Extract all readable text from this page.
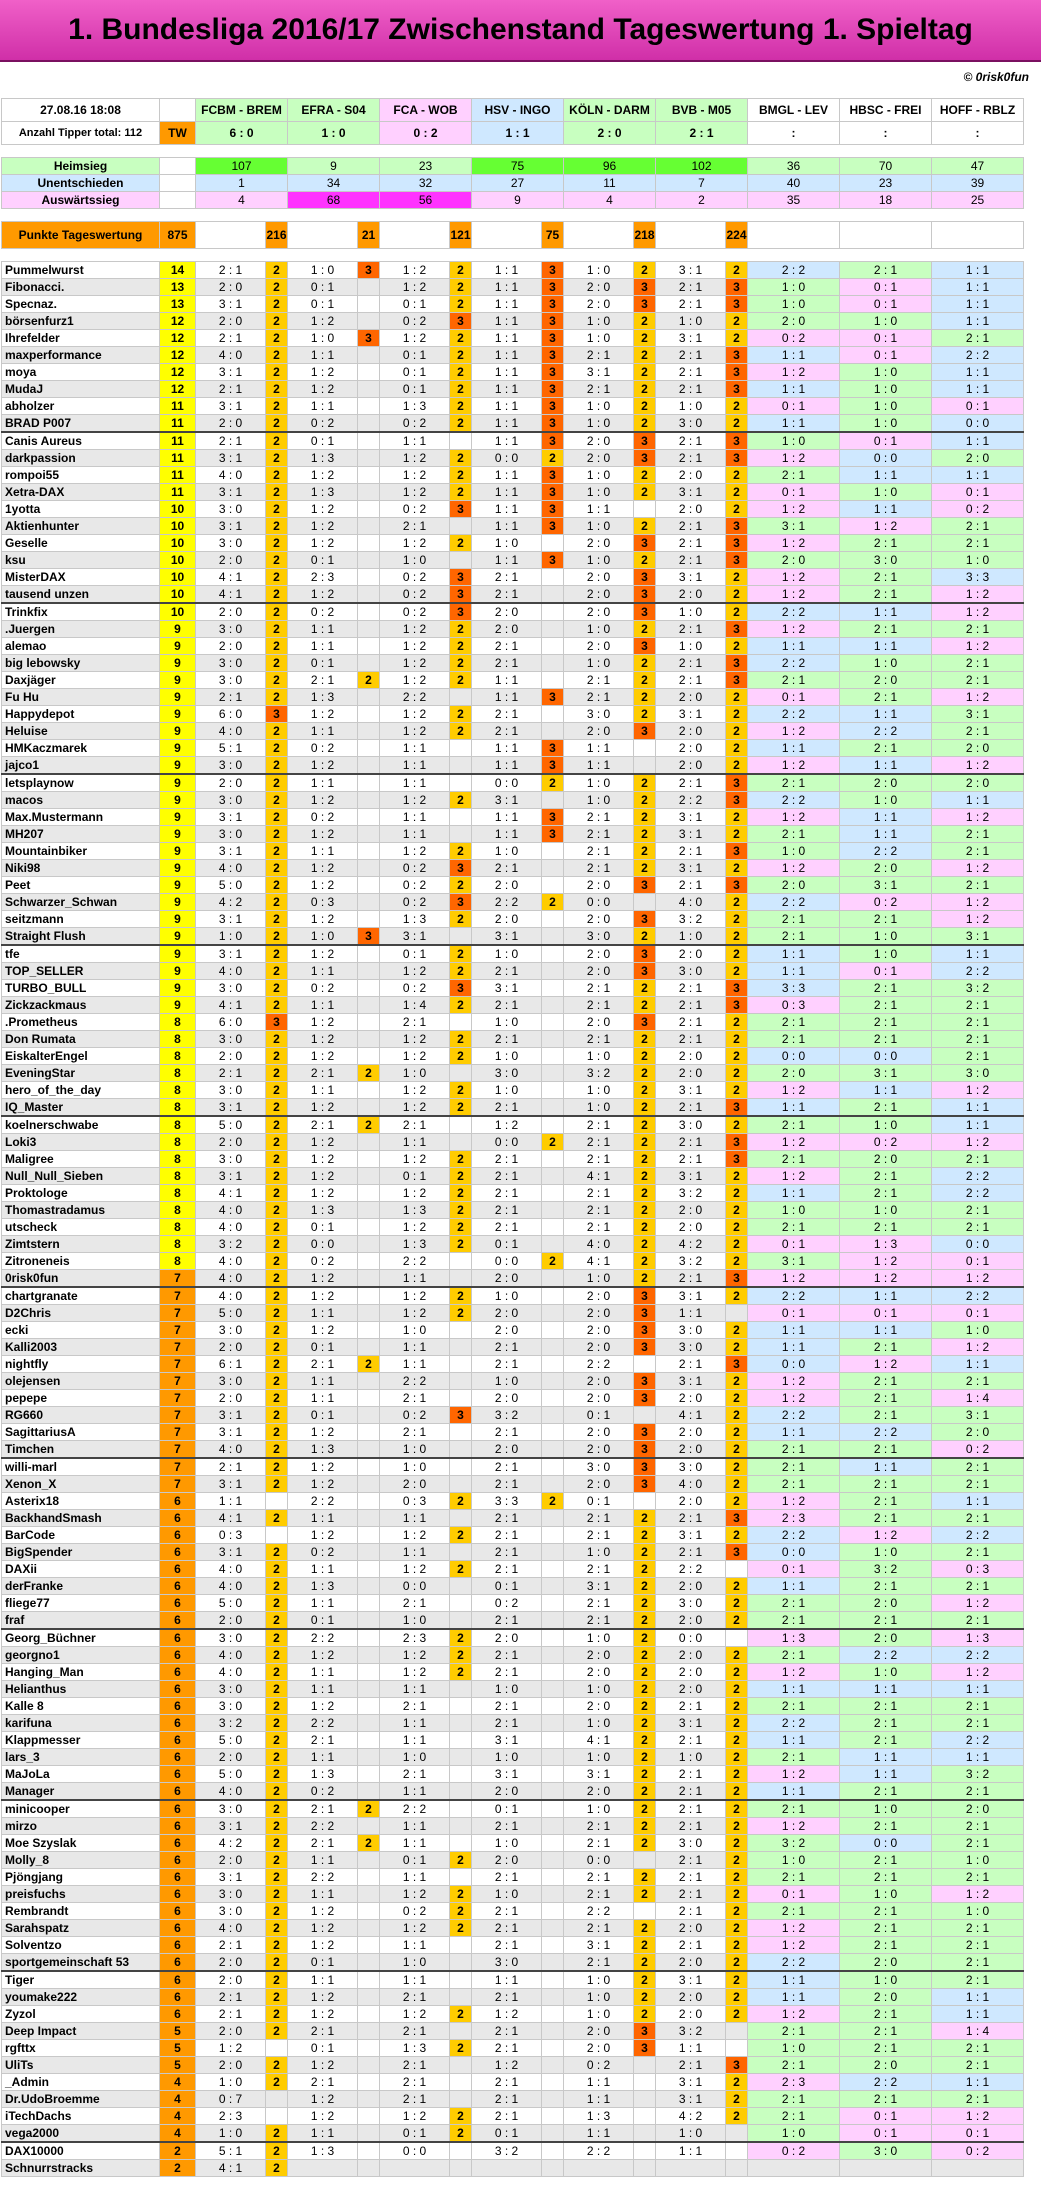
1. Bundesliga 2016/17 Zwischenstand Tageswertung 1. Spieltag
© 0risk0fun
27.08.16 18:08		FCBM - BREM		EFRA - S04		FCA - WOB		HSV - INGO		KÖLN - DARM		BVB - M05		BMGL - LEV	HBSC - FREI	HOFF - RBLZ
Anzahl Tipper total: 112	TW	6 : 0		1 : 0		0 : 2		1 : 1		2 : 0		2 : 1		:	:	:

Heimsieg		107		9		23		75		96		102		36	70	47
Unentschieden		1		34		32		27		11		7		40	23	39
Auswärtssieg		4		68		56		9		4		2		35	18	25

Punkte Tageswertung	875		216		21		121		75		218		224			

Pummelwurst	14	2 : 1	2	1 : 0	3	1 : 2	2	1 : 1	3	1 : 0	2	3 : 1	2	2 : 2	2 : 1	1 : 1
Fibonacci.	13	2 : 0	2	0 : 1		1 : 2	2	1 : 1	3	2 : 0	3	2 : 1	3	1 : 0	0 : 1	1 : 1
Specnaz.	13	3 : 1	2	0 : 1		0 : 1	2	1 : 1	3	2 : 0	3	2 : 1	3	1 : 0	0 : 1	1 : 1
börsenfurz1	12	2 : 0	2	1 : 2		0 : 2	3	1 : 1	3	1 : 0	2	1 : 0	2	2 : 0	1 : 0	1 : 1
Ihrefelder	12	2 : 1	2	1 : 0	3	1 : 2	2	1 : 1	3	1 : 0	2	3 : 1	2	0 : 2	0 : 1	2 : 1
maxperformance	12	4 : 0	2	1 : 1		0 : 1	2	1 : 1	3	2 : 1	2	2 : 1	3	1 : 1	0 : 1	2 : 2
moya	12	3 : 1	2	1 : 2		0 : 1	2	1 : 1	3	3 : 1	2	2 : 1	3	1 : 2	1 : 0	1 : 1
MudaJ	12	2 : 1	2	1 : 2		0 : 1	2	1 : 1	3	2 : 1	2	2 : 1	3	1 : 1	1 : 0	1 : 1
abholzer	11	3 : 1	2	1 : 1		1 : 3	2	1 : 1	3	1 : 0	2	1 : 0	2	0 : 1	1 : 0	0 : 1
BRAD P007	11	2 : 0	2	0 : 2		0 : 2	2	1 : 1	3	1 : 0	2	3 : 0	2	1 : 1	1 : 0	0 : 0
Canis Aureus	11	2 : 1	2	0 : 1		1 : 1		1 : 1	3	2 : 0	3	2 : 1	3	1 : 0	0 : 1	1 : 1
darkpassion	11	3 : 1	2	1 : 3		1 : 2	2	0 : 0	2	2 : 0	3	2 : 1	3	1 : 2	0 : 0	2 : 0
rompoi55	11	4 : 0	2	1 : 2		1 : 2	2	1 : 1	3	1 : 0	2	2 : 0	2	2 : 1	1 : 1	1 : 1
Xetra-DAX	11	3 : 1	2	1 : 3		1 : 2	2	1 : 1	3	1 : 0	2	3 : 1	2	0 : 1	1 : 0	0 : 1
1yotta	10	3 : 0	2	1 : 2		0 : 2	3	1 : 1	3	1 : 1		2 : 0	2	1 : 2	1 : 1	0 : 2
Aktienhunter	10	3 : 1	2	1 : 2		2 : 1		1 : 1	3	1 : 0	2	2 : 1	3	3 : 1	1 : 2	2 : 1
Geselle	10	3 : 0	2	1 : 2		1 : 2	2	1 : 0		2 : 0	3	2 : 1	3	1 : 2	2 : 1	2 : 1
ksu	10	2 : 0	2	0 : 1		1 : 0		1 : 1	3	1 : 0	2	2 : 1	3	2 : 0	3 : 0	1 : 0
MisterDAX	10	4 : 1	2	2 : 3		0 : 2	3	2 : 1		2 : 0	3	3 : 1	2	1 : 2	2 : 1	3 : 3
tausend unzen	10	4 : 1	2	1 : 2		0 : 2	3	2 : 1		2 : 0	3	2 : 0	2	1 : 2	2 : 1	1 : 2
Trinkfix	10	2 : 0	2	0 : 2		0 : 2	3	2 : 0		2 : 0	3	1 : 0	2	2 : 2	1 : 1	1 : 2
.Juergen	9	3 : 0	2	1 : 1		1 : 2	2	2 : 0		1 : 0	2	2 : 1	3	1 : 2	2 : 1	2 : 1
alemao	9	2 : 0	2	1 : 1		1 : 2	2	2 : 1		2 : 0	3	1 : 0	2	1 : 1	1 : 1	1 : 2
big lebowsky	9	3 : 0	2	0 : 1		1 : 2	2	2 : 1		1 : 0	2	2 : 1	3	2 : 2	1 : 0	2 : 1
Daxjäger	9	3 : 0	2	2 : 1	2	1 : 2	2	1 : 1		2 : 1	2	2 : 1	3	2 : 1	2 : 0	2 : 1
Fu Hu	9	2 : 1	2	1 : 3		2 : 2		1 : 1	3	2 : 1	2	2 : 0	2	0 : 1	2 : 1	1 : 2
Happydepot	9	6 : 0	3	1 : 2		1 : 2	2	2 : 1		3 : 0	2	3 : 1	2	2 : 2	1 : 1	3 : 1
Heluise	9	4 : 0	2	1 : 1		1 : 2	2	2 : 1		2 : 0	3	2 : 0	2	1 : 2	2 : 2	2 : 1
HMKaczmarek	9	5 : 1	2	0 : 2		1 : 1		1 : 1	3	1 : 1		2 : 0	2	1 : 1	2 : 1	2 : 0
jajco1	9	3 : 0	2	1 : 2		1 : 1		1 : 1	3	1 : 1		2 : 0	2	1 : 2	1 : 1	1 : 2
letsplaynow	9	2 : 0	2	1 : 1		1 : 1		0 : 0	2	1 : 0	2	2 : 1	3	2 : 1	2 : 0	2 : 0
macos	9	3 : 0	2	1 : 2		1 : 2	2	3 : 1		1 : 0	2	2 : 2	3	2 : 2	1 : 0	1 : 1
Max.Mustermann	9	3 : 1	2	0 : 2		1 : 1		1 : 1	3	2 : 1	2	3 : 1	2	1 : 2	1 : 1	1 : 2
MH207	9	3 : 0	2	1 : 2		1 : 1		1 : 1	3	2 : 1	2	3 : 1	2	2 : 1	1 : 1	2 : 1
Mountainbiker	9	3 : 1	2	1 : 1		1 : 2	2	1 : 0		2 : 1	2	2 : 1	3	1 : 0	2 : 2	2 : 1
Niki98	9	4 : 0	2	1 : 2		0 : 2	3	2 : 1		2 : 1	2	3 : 1	2	1 : 2	2 : 0	1 : 2
Peet	9	5 : 0	2	1 : 2		0 : 2	2	2 : 0		2 : 0	3	2 : 1	3	2 : 0	3 : 1	2 : 1
Schwarzer_Schwan	9	4 : 2	2	0 : 3		0 : 2	3	2 : 2	2	0 : 0		4 : 0	2	2 : 2	0 : 2	1 : 2
seitzmann	9	3 : 1	2	1 : 2		1 : 3	2	2 : 0		2 : 0	3	3 : 2	2	2 : 1	2 : 1	1 : 2
Straight Flush	9	1 : 0	2	1 : 0	3	3 : 1		3 : 1		3 : 0	2	1 : 0	2	2 : 1	1 : 0	3 : 1
tfe	9	3 : 1	2	1 : 2		0 : 1	2	1 : 0		2 : 0	3	2 : 0	2	1 : 1	1 : 0	1 : 1
TOP_SELLER	9	4 : 0	2	1 : 1		1 : 2	2	2 : 1		2 : 0	3	3 : 0	2	1 : 1	0 : 1	2 : 2
TURBO_BULL	9	3 : 0	2	0 : 2		0 : 2	3	3 : 1		2 : 1	2	2 : 1	3	3 : 3	2 : 1	3 : 2
Zickzackmaus	9	4 : 1	2	1 : 1		1 : 4	2	2 : 1		2 : 1	2	2 : 1	3	0 : 3	2 : 1	2 : 1
.Prometheus	8	6 : 0	3	1 : 2		2 : 1		1 : 0		2 : 0	3	2 : 1	2	2 : 1	2 : 1	2 : 1
Don Rumata	8	3 : 0	2	1 : 2		1 : 2	2	2 : 1		2 : 1	2	2 : 1	2	2 : 1	2 : 1	2 : 1
EiskalterEngel	8	2 : 0	2	1 : 2		1 : 2	2	1 : 0		1 : 0	2	2 : 0	2	0 : 0	0 : 0	2 : 1
EveningStar	8	2 : 1	2	2 : 1	2	1 : 0		3 : 0		3 : 2	2	2 : 0	2	2 : 0	3 : 1	3 : 0
hero_of_the_day	8	3 : 0	2	1 : 1		1 : 2	2	1 : 0		1 : 0	2	3 : 1	2	1 : 2	1 : 1	1 : 2
IQ_Master	8	3 : 1	2	1 : 2		1 : 2	2	2 : 1		1 : 0	2	2 : 1	3	1 : 1	2 : 1	1 : 1
koelnerschwabe	8	5 : 0	2	2 : 1	2	2 : 1		1 : 2		2 : 1	2	3 : 0	2	2 : 1	1 : 0	1 : 1
Loki3	8	2 : 0	2	1 : 2		1 : 1		0 : 0	2	2 : 1	2	2 : 1	3	1 : 2	0 : 2	1 : 2
Maligree	8	3 : 0	2	1 : 2		1 : 2	2	2 : 1		2 : 1	2	2 : 1	3	2 : 1	2 : 0	2 : 1
Null_Null_Sieben	8	3 : 1	2	1 : 2		0 : 1	2	2 : 1		4 : 1	2	3 : 1	2	1 : 2	2 : 1	2 : 2
Proktologe	8	4 : 1	2	1 : 2		1 : 2	2	2 : 1		2 : 1	2	3 : 2	2	1 : 1	2 : 1	2 : 2
Thomastradamus	8	4 : 0	2	1 : 3		1 : 3	2	2 : 1		2 : 1	2	2 : 0	2	1 : 0	1 : 0	2 : 1
utscheck	8	4 : 0	2	0 : 1		1 : 2	2	2 : 1		2 : 1	2	2 : 0	2	2 : 1	2 : 1	2 : 1
Zimtstern	8	3 : 2	2	0 : 0		1 : 3	2	0 : 1		4 : 0	2	4 : 2	2	0 : 1	1 : 3	0 : 0
Zitroneneis	8	4 : 0	2	0 : 2		2 : 2		0 : 0	2	4 : 1	2	3 : 2	2	3 : 1	1 : 2	0 : 1
0risk0fun	7	4 : 0	2	1 : 2		1 : 1		2 : 0		1 : 0	2	2 : 1	3	1 : 2	1 : 2	1 : 2
chartgranate	7	4 : 0	2	1 : 2		1 : 2	2	1 : 0		2 : 0	3	3 : 1	2	2 : 2	1 : 1	2 : 2
D2Chris	7	5 : 0	2	1 : 1		1 : 2	2	2 : 0		2 : 0	3	1 : 1		0 : 1	0 : 1	0 : 1
ecki	7	3 : 0	2	1 : 2		1 : 0		2 : 0		2 : 0	3	3 : 0	2	1 : 1	1 : 1	1 : 0
Kalli2003	7	2 : 0	2	0 : 1		1 : 1		2 : 1		2 : 0	3	3 : 0	2	1 : 1	2 : 1	1 : 2
nightfly	7	6 : 1	2	2 : 1	2	1 : 1		2 : 1		2 : 2		2 : 1	3	0 : 0	1 : 2	1 : 1
olejensen	7	3 : 0	2	1 : 1		2 : 2		1 : 0		2 : 0	3	3 : 1	2	1 : 2	2 : 1	2 : 1
pepepe	7	2 : 0	2	1 : 1		2 : 1		2 : 0		2 : 0	3	2 : 0	2	1 : 2	2 : 1	1 : 4
RG660	7	3 : 1	2	0 : 1		0 : 2	3	3 : 2		0 : 1		4 : 1	2	2 : 2	2 : 1	3 : 1
SagittariusA	7	3 : 1	2	1 : 2		2 : 1		2 : 1		2 : 0	3	2 : 0	2	1 : 1	2 : 2	2 : 0
Timchen	7	4 : 0	2	1 : 3		1 : 0		2 : 0		2 : 0	3	2 : 0	2	2 : 1	2 : 1	0 : 2
willi-marl	7	2 : 1	2	1 : 2		1 : 0		2 : 1		3 : 0	3	3 : 0	2	2 : 1	1 : 1	2 : 1
Xenon_X	7	3 : 1	2	1 : 2		2 : 0		2 : 1		2 : 0	3	4 : 0	2	2 : 1	2 : 1	2 : 1
Asterix18	6	1 : 1		2 : 2		0 : 3	2	3 : 3	2	0 : 1		2 : 0	2	1 : 2	2 : 1	1 : 1
BackhandSmash	6	4 : 1	2	1 : 1		1 : 1		2 : 1		2 : 1	2	2 : 1	3	2 : 3	2 : 1	2 : 1
BarCode	6	0 : 3		1 : 2		1 : 2	2	2 : 1		2 : 1	2	3 : 1	2	2 : 2	1 : 2	2 : 2
BigSpender	6	3 : 1	2	0 : 2		1 : 1		2 : 1		1 : 0	2	2 : 1	3	0 : 0	1 : 0	2 : 1
DAXii	6	4 : 0	2	1 : 1		1 : 2	2	2 : 1		2 : 1	2	2 : 2		0 : 1	3 : 2	0 : 3
derFranke	6	4 : 0	2	1 : 3		0 : 0		0 : 1		3 : 1	2	2 : 0	2	1 : 1	2 : 1	2 : 1
fliege77	6	5 : 0	2	1 : 1		2 : 1		0 : 2		2 : 1	2	3 : 0	2	2 : 1	2 : 0	1 : 2
fraf	6	2 : 0	2	0 : 1		1 : 0		2 : 1		2 : 1	2	2 : 0	2	2 : 1	2 : 1	2 : 1
Georg_Büchner	6	3 : 0	2	2 : 2		2 : 3	2	2 : 0		1 : 0	2	0 : 0		1 : 3	2 : 0	1 : 3
georgno1	6	4 : 0	2	1 : 2		1 : 2	2	2 : 1		2 : 0	2	2 : 0	2	2 : 1	2 : 2	2 : 2
Hanging_Man	6	4 : 0	2	1 : 1		1 : 2	2	2 : 1		2 : 0	2	2 : 0	2	1 : 2	1 : 0	1 : 2
Helianthus	6	3 : 0	2	1 : 1		1 : 1		1 : 0		1 : 0	2	2 : 0	2	1 : 1	1 : 1	1 : 1
Kalle 8	6	3 : 0	2	1 : 2		2 : 1		2 : 1		2 : 0	2	2 : 1	2	2 : 1	2 : 1	2 : 1
karifuna	6	3 : 2	2	2 : 2		1 : 1		2 : 1		1 : 0	2	3 : 1	2	2 : 2	2 : 1	2 : 1
Klappmesser	6	5 : 0	2	2 : 1		1 : 1		3 : 1		4 : 1	2	2 : 1	2	1 : 1	2 : 1	2 : 2
lars_3	6	2 : 0	2	1 : 1		1 : 0		1 : 0		1 : 0	2	1 : 0	2	2 : 1	1 : 1	1 : 1
MaJoLa	6	5 : 0	2	1 : 3		2 : 1		3 : 1		3 : 1	2	2 : 1	2	1 : 2	1 : 1	3 : 2
Manager	6	4 : 0	2	0 : 2		1 : 1		2 : 0		2 : 0	2	2 : 1	2	1 : 1	2 : 1	2 : 1
minicooper	6	3 : 0	2	2 : 1	2	2 : 2		0 : 1		1 : 0	2	2 : 1	2	2 : 1	1 : 0	2 : 0
mirzo	6	3 : 1	2	2 : 2		1 : 1		2 : 1		2 : 1	2	2 : 1	2	1 : 2	2 : 1	2 : 1
Moe Szyslak	6	4 : 2	2	2 : 1	2	1 : 1		1 : 0		2 : 1	2	3 : 0	2	3 : 2	0 : 0	2 : 1
Molly_8	6	2 : 0	2	1 : 1		0 : 1	2	2 : 0		0 : 0		2 : 1	2	1 : 0	2 : 1	1 : 0
Pjöngjang	6	3 : 1	2	2 : 2		1 : 1		2 : 1		2 : 1	2	2 : 1	2	2 : 1	2 : 1	2 : 1
preisfuchs	6	3 : 0	2	1 : 1		1 : 2	2	1 : 0		2 : 1	2	2 : 1	2	0 : 1	1 : 0	1 : 2
Rembrandt	6	3 : 0	2	1 : 2		0 : 2	2	2 : 1		2 : 2		2 : 1	2	2 : 1	2 : 1	1 : 0
Sarahspatz	6	4 : 0	2	1 : 2		1 : 2	2	2 : 1		2 : 1	2	2 : 0	2	1 : 2	2 : 1	2 : 1
Solventzo	6	2 : 1	2	1 : 2		1 : 1		2 : 1		3 : 1	2	2 : 1	2	1 : 2	2 : 1	2 : 1
sportgemeinschaft 53	6	2 : 0	2	0 : 1		1 : 0		3 : 0		2 : 1	2	2 : 0	2	2 : 2	2 : 0	2 : 1
Tiger	6	2 : 0	2	1 : 1		1 : 1		1 : 1		1 : 0	2	3 : 1	2	1 : 1	1 : 0	2 : 1
youmake222	6	2 : 1	2	1 : 2		2 : 1		2 : 1		1 : 0	2	2 : 0	2	1 : 1	2 : 0	1 : 1
Zyzol	6	2 : 1	2	1 : 2		1 : 2	2	1 : 2		1 : 0	2	2 : 0	2	1 : 2	2 : 1	1 : 1
Deep Impact	5	2 : 0	2	2 : 1		2 : 1		2 : 1		2 : 0	3	3 : 2		2 : 1	2 : 1	1 : 4
rgfttx	5	1 : 2		0 : 1		1 : 3	2	2 : 1		2 : 0	3	1 : 1		1 : 0	2 : 1	2 : 1
UliTs	5	2 : 0	2	1 : 2		2 : 1		1 : 2		0 : 2		2 : 1	3	2 : 1	2 : 0	2 : 1
_Admin	4	1 : 0	2	2 : 1		2 : 1		2 : 1		1 : 1		3 : 1	2	2 : 3	2 : 2	1 : 1
Dr.UdoBroemme	4	0 : 7		1 : 2		2 : 1		2 : 1		1 : 1		3 : 1	2	2 : 1	2 : 1	2 : 1
iTechDachs	4	2 : 3		1 : 2		1 : 2	2	2 : 1		1 : 3		4 : 2	2	2 : 1	0 : 1	1 : 2
vega2000	4	1 : 0	2	1 : 1		0 : 1	2	0 : 1		1 : 1		1 : 0		1 : 0	0 : 1	0 : 1
DAX10000	2	5 : 1	2	1 : 3		0 : 0		3 : 2		2 : 2		1 : 1		0 : 2	3 : 0	0 : 2
Schnurrstracks	2	4 : 1	2													
